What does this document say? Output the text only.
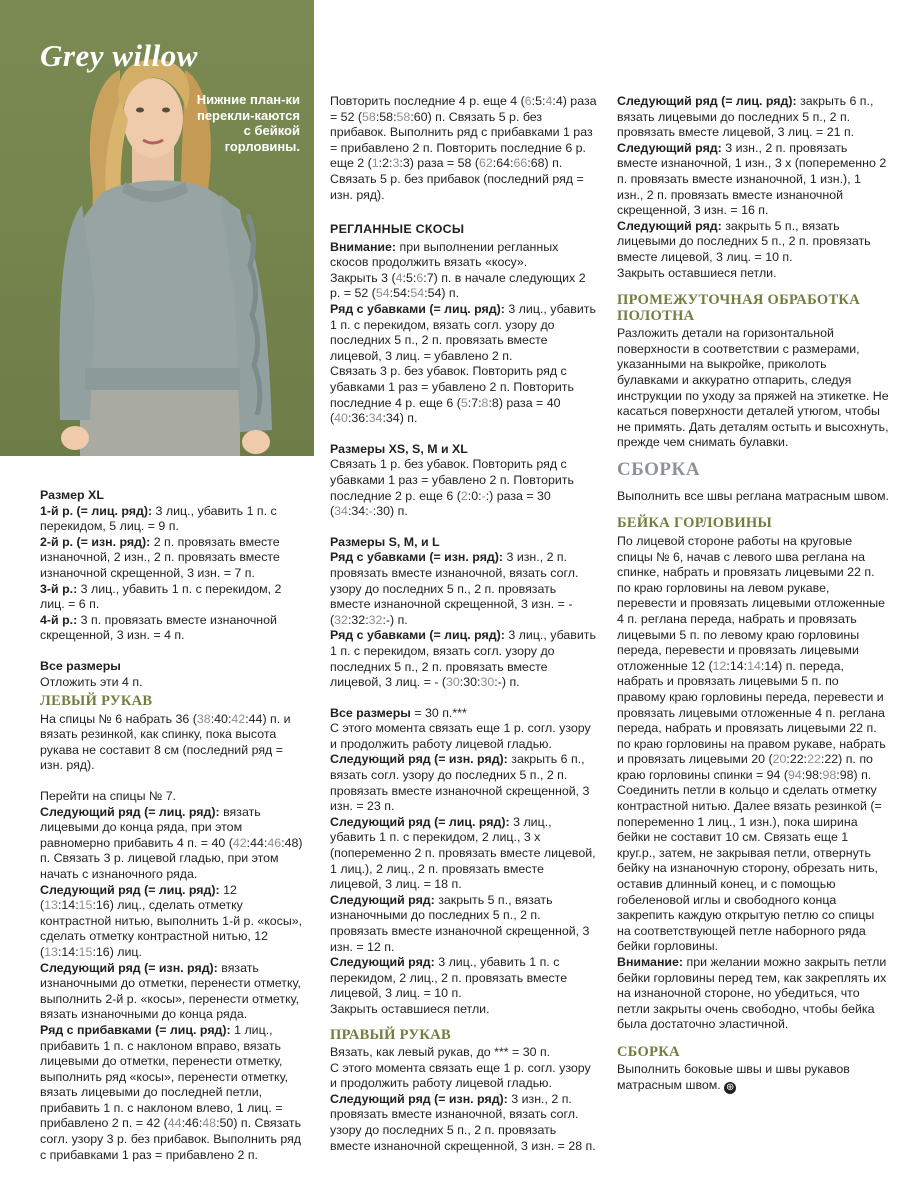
Grey willow
Нижние план-ки перекли-каются с бейкой горловины.

Размер XL

1-й р. (= лиц. ряд): 3 лиц., убавить 1 п. с перекидом, 5 лиц. = 9 п.

2-й р. (= изн. ряд): 2 п. провязать вместе изнаночной, 2 изн., 2 п. провязать вместе изнаночной скрещенной, 3 изн. = 7 п.

3-й р.: 3 лиц., убавить 1 п. с перекидом, 2 лиц. = 6 п.

4-й р.: 3 п. провязать вместе изнаночной скрещенной, 3 изн. = 4 п.

Все размеры

Отложить эти 4 п.

ЛЕВЫЙ РУКАВ

На спицы № 6 набрать 36 (38:40:42:44) п. и вязать резинкой, как спинку, пока высота рукава не составит 8 см (последний ряд = изн. ряд).

Перейти на спицы № 7.

Следующий ряд (= лиц. ряд): вязать лицевыми до конца ряда, при этом равномерно прибавить 4 п. = 40 (42:44:46:48) п. Связать 3 р. лицевой гладью, при этом начать с изнаночного ряда.

Следующий ряд (= лиц. ряд): 12 (13:14:15:16) лиц., сделать отметку контрастной нитью, выполнить 1-й р. «косы», сделать отметку контрастной нитью, 12 (13:14:15:16) лиц.

Следующий ряд (= изн. ряд): вязать изнаночными до отметки, перенести отметку, выполнить 2-й р. «косы», перенести отметку, вязать изнаночными до конца ряда.

Ряд с прибавками (= лиц. ряд): 1 лиц., прибавить 1 п. с наклоном вправо, вязать лицевыми до отметки, перенести отметку, выполнить ряд «косы», перенести отметку, вязать лицевыми до последней петли, прибавить 1 п. с наклоном влево, 1 лиц. = прибавлено 2 п. = 42 (44:46:48:50) п. Связать согл. узору 3 р. без прибавок. Выполнить ряд с прибавками 1 раз = прибавлено 2 п.

Повторить последние 4 р. еще 4 (6:5:4:4) раза = 52 (58:58:58:60) п. Связать 5 р. без прибавок. Выполнить ряд с прибавками 1 раз = прибавлено 2 п. Повторить последние 6 р. еще 2 (1:2:3:3) раза = 58 (62:64:66:68) п. Связать 5 р. без прибавок (последний ряд = изн. ряд).

РЕГЛАННЫЕ СКОСЫ

Внимание: при выполнении регланных скосов продолжить вязать «косу».

Закрыть 3 (4:5:6:7) п. в начале следующих 2 р. = 52 (54:54:54:54) п.

Ряд с убавками (= лиц. ряд): 3 лиц., убавить 1 п. с перекидом, вязать согл. узору до последних 5 п., 2 п. провязать вместе лицевой, 3 лиц. = убавлено 2 п.

Связать 3 р. без убавок. Повторить ряд с убавками 1 раз = убавлено 2 п. Повторить последние 4 р. еще 6 (5:7:8:8) раза = 40 (40:36:34:34) п.

Размеры XS, S, M и XL

Связать 1 р. без убавок. Повторить ряд с убавками 1 раз = убавлено 2 п. Повторить последние 2 р. еще 6 (2:0:-:) раза = 30 (34:34:-:30) п.

Размеры S, M, и L

Ряд с убавками (= изн. ряд): 3 изн., 2 п. провязать вместе изнаночной, вязать согл. узору до последних 5 п., 2 п. провязать вместе изнаночной скрещенной, 3 изн. = - (32:32:32:-) п.

Ряд с убавками (= лиц. ряд): 3 лиц., убавить 1 п. с перекидом, вязать согл. узору до последних 5 п., 2 п. провязать вместе лицевой, 3 лиц. = - (30:30:30:-) п.

Все размеры = 30 п.***

С этого момента связать еще 1 р. согл. узору и продолжить работу лицевой гладью.

Следующий ряд (= изн. ряд): закрыть 6 п., вязать согл. узору до последних 5 п., 2 п. провязать вместе изнаночной скрещенной, 3 изн. = 23 п.

Следующий ряд (= лиц. ряд): 3 лиц., убавить 1 п. с перекидом, 2 лиц., 3 х (попеременно 2 п. провязать вместе лицевой, 1 лиц.), 2 лиц., 2 п. провязать вместе лицевой, 3 лиц. = 18 п.

Следующий ряд: закрыть 5 п., вязать изнаночными до последних 5 п., 2 п. провязать вместе изнаночной скрещенной, 3 изн. = 12 п.

Следующий ряд: 3 лиц., убавить 1 п. с перекидом, 2 лиц., 2 п. провязать вместе лицевой, 3 лиц. = 10 п.

Закрыть оставшиеся петли.

ПРАВЫЙ РУКАВ

Вязать, как левый рукав, до *** = 30 п.

С этого момента связать еще 1 р. согл. узору и продолжить работу лицевой гладью.

Следующий ряд (= изн. ряд): 3 изн., 2 п. провязать вместе изнаночной, вязать согл. узору до последних 5 п., 2 п. провязать вместе изнаночной скрещенной, 3 изн. = 28 п.

Следующий ряд (= лиц. ряд): закрыть 6 п., вязать лицевыми до последних 5 п., 2 п. провязать вместе лицевой, 3 лиц. = 21 п.

Следующий ряд: 3 изн., 2 п. провязать вместе изнаночной, 1 изн., 3 х (попеременно 2 п. провязать вместе изнаночной, 1 изн.), 1 изн., 2 п. провязать вместе изнаночной скрещенной, 3 изн. = 16 п.

Следующий ряд: закрыть 5 п., вязать лицевыми до последних 5 п., 2 п. провязать вместе лицевой, 3 лиц. = 10 п.

Закрыть оставшиеся петли.

ПРОМЕЖУТОЧНАЯ ОБРАБОТКА ПОЛОТНА

Разложить детали на горизонтальной поверхности в соответствии с размерами, указанными на выкройке, приколоть булавками и аккуратно отпарить, следуя инструкции по уходу за пряжей на этикетке. Не касаться поверхности деталей утюгом, чтобы не примять. Дать деталям остыть и высохнуть, прежде чем снимать булавки.

СБОРКА

Выполнить все швы реглана матрасным швом.

БЕЙКА ГОРЛОВИНЫ

По лицевой стороне работы на круговые спицы № 6, начав с левого шва реглана на спинке, набрать и провязать лицевыми 22 п. по краю горловины на левом рукаве, перевести и провязать лицевыми отложенные 4 п. реглана переда, набрать и провязать лицевыми 5 п. по левому краю горловины переда, перевести и провязать лицевыми отложенные 12 (12:14:14:14) п. переда, набрать и провязать лицевыми 5 п. по правому краю горловины переда, перевести и провязать лицевыми отложенные 4 п. реглана переда, набрать и провязать лицевыми 22 п. по краю горловины на правом рукаве, набрать и провязать лицевыми 20 (20:22:22:22) п. по краю горловины спинки = 94 (94:98:98:98) п. Соединить петли в кольцо и сделать отметку контрастной нитью. Далее вязать резинкой (= попеременно 1 лиц., 1 изн.), пока ширина бейки не составит 10 см. Связать еще 1 круг.р., затем, не закрывая петли, отвернуть бейку на изнаночную сторону, обрезать нить, оставив длинный конец, и с помощью гобеленовой иглы и свободного конца закрепить каждую открытую петлю со спицы на соответствующей петле наборного ряда бейки горловины.

Внимание: при желании можно закрыть петли бейки горловины перед тем, как закреплять их на изнаночной стороне, но убедиться, что петли закрыты очень свободно, чтобы бейка была достаточно эластичной.

СБОРКА

Выполнить боковые швы и швы рукавов матрасным швом. ⊕
